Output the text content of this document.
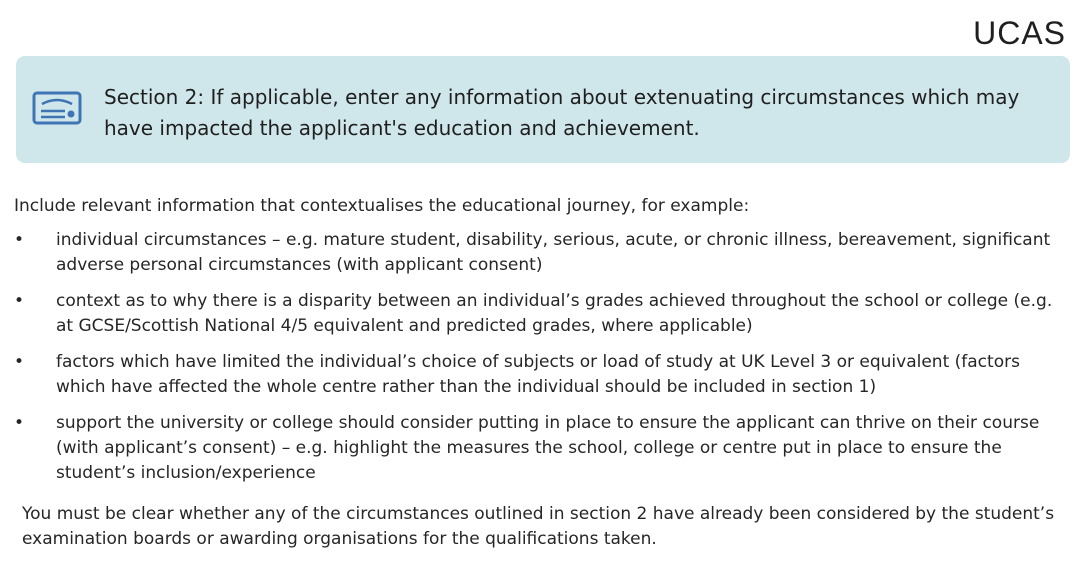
UCAS
Section 2: If applicable, enter any information about extenuating circumstances which may have impacted the applicant's education and achievement.
Include relevant information that contextualises the educational journey, for example:
• individual circumstances – e.g. mature student, disability, serious, acute, or chronic illness, bereavement, significant adverse personal circumstances (with applicant consent)
• context as to why there is a disparity between an individual’s grades achieved throughout the school or college (e.g. at GCSE/Scottish National 4/5 equivalent and predicted grades, where applicable)
• factors which have limited the individual’s choice of subjects or load of study at UK Level 3 or equivalent (factors which have affected the whole centre rather than the individual should be included in section 1)
• support the university or college should consider putting in place to ensure the applicant can thrive on their course (with applicant’s consent) – e.g. highlight the measures the school, college or centre put in place to ensure the student’s inclusion/experience
You must be clear whether any of the circumstances outlined in section 2 have already been considered by the student’s examination boards or awarding organisations for the qualifications taken.
